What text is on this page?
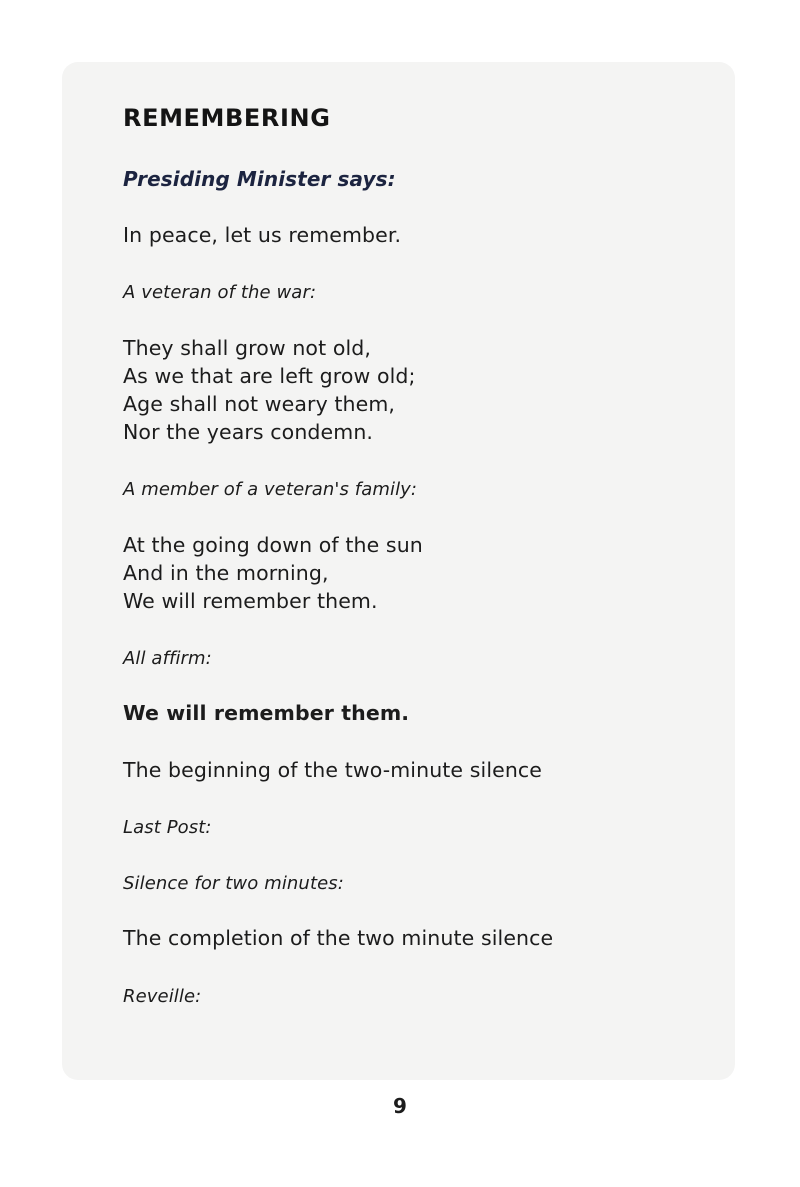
REMEMBERING

Presiding Minister says:

In peace, let us remember.

A veteran of the war:

They shall grow not old,
As we that are left grow old;
Age shall not weary them,
Nor the years condemn.

A member of a veteran's family:

At the going down of the sun
And in the morning,
We will remember them.

All affirm:

We will remember them.

The beginning of the two-minute silence

Last Post:

Silence for two minutes:

The completion of the two minute silence

Reveille:

9
